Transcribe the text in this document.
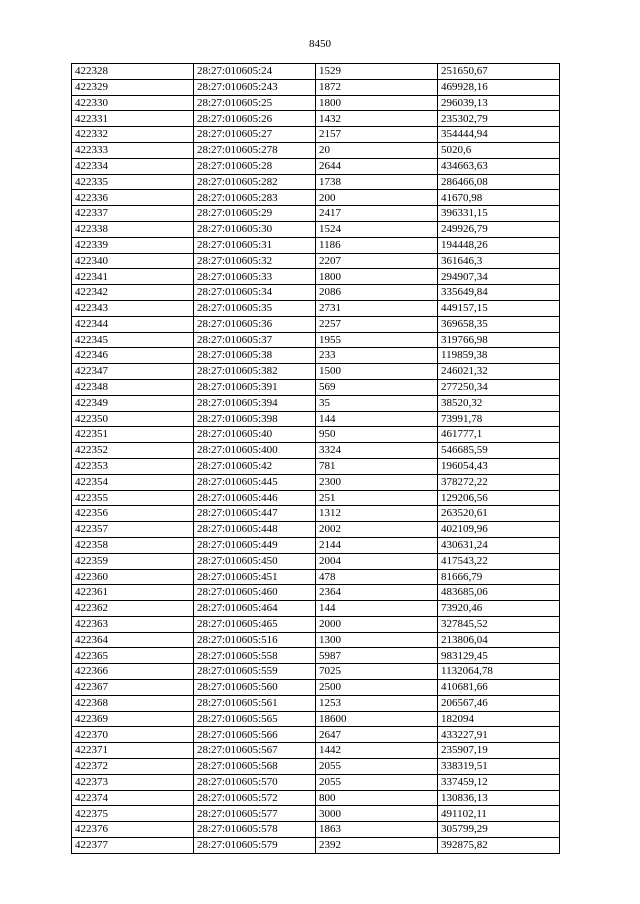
8450
422328	28:27:010605:24	1529	251650,67
422329	28:27:010605:243	1872	469928,16
422330	28:27:010605:25	1800	296039,13
422331	28:27:010605:26	1432	235302,79
422332	28:27:010605:27	2157	354444,94
422333	28:27:010605:278	20	5020,6
422334	28:27:010605:28	2644	434663,63
422335	28:27:010605:282	1738	286466,08
422336	28:27:010605:283	200	41670,98
422337	28:27:010605:29	2417	396331,15
422338	28:27:010605:30	1524	249926,79
422339	28:27:010605:31	1186	194448,26
422340	28:27:010605:32	2207	361646,3
422341	28:27:010605:33	1800	294907,34
422342	28:27:010605:34	2086	335649,84
422343	28:27:010605:35	2731	449157,15
422344	28:27:010605:36	2257	369658,35
422345	28:27:010605:37	1955	319766,98
422346	28:27:010605:38	233	119859,38
422347	28:27:010605:382	1500	246021,32
422348	28:27:010605:391	569	277250,34
422349	28:27:010605:394	35	38520,32
422350	28:27:010605:398	144	73991,78
422351	28:27:010605:40	950	461777,1
422352	28:27:010605:400	3324	546685,59
422353	28:27:010605:42	781	196054,43
422354	28:27:010605:445	2300	378272,22
422355	28:27:010605:446	251	129206,56
422356	28:27:010605:447	1312	263520,61
422357	28:27:010605:448	2002	402109,96
422358	28:27:010605:449	2144	430631,24
422359	28:27:010605:450	2004	417543,22
422360	28:27:010605:451	478	81666,79
422361	28:27:010605:460	2364	483685,06
422362	28:27:010605:464	144	73920,46
422363	28:27:010605:465	2000	327845,52
422364	28:27:010605:516	1300	213806,04
422365	28:27:010605:558	5987	983129,45
422366	28:27:010605:559	7025	1132064,78
422367	28:27:010605:560	2500	410681,66
422368	28:27:010605:561	1253	206567,46
422369	28:27:010605:565	18600	182094
422370	28:27:010605:566	2647	433227,91
422371	28:27:010605:567	1442	235907,19
422372	28:27:010605:568	2055	338319,51
422373	28:27:010605:570	2055	337459,12
422374	28:27:010605:572	800	130836,13
422375	28:27:010605:577	3000	491102,11
422376	28:27:010605:578	1863	305799,29
422377	28:27:010605:579	2392	392875,82
